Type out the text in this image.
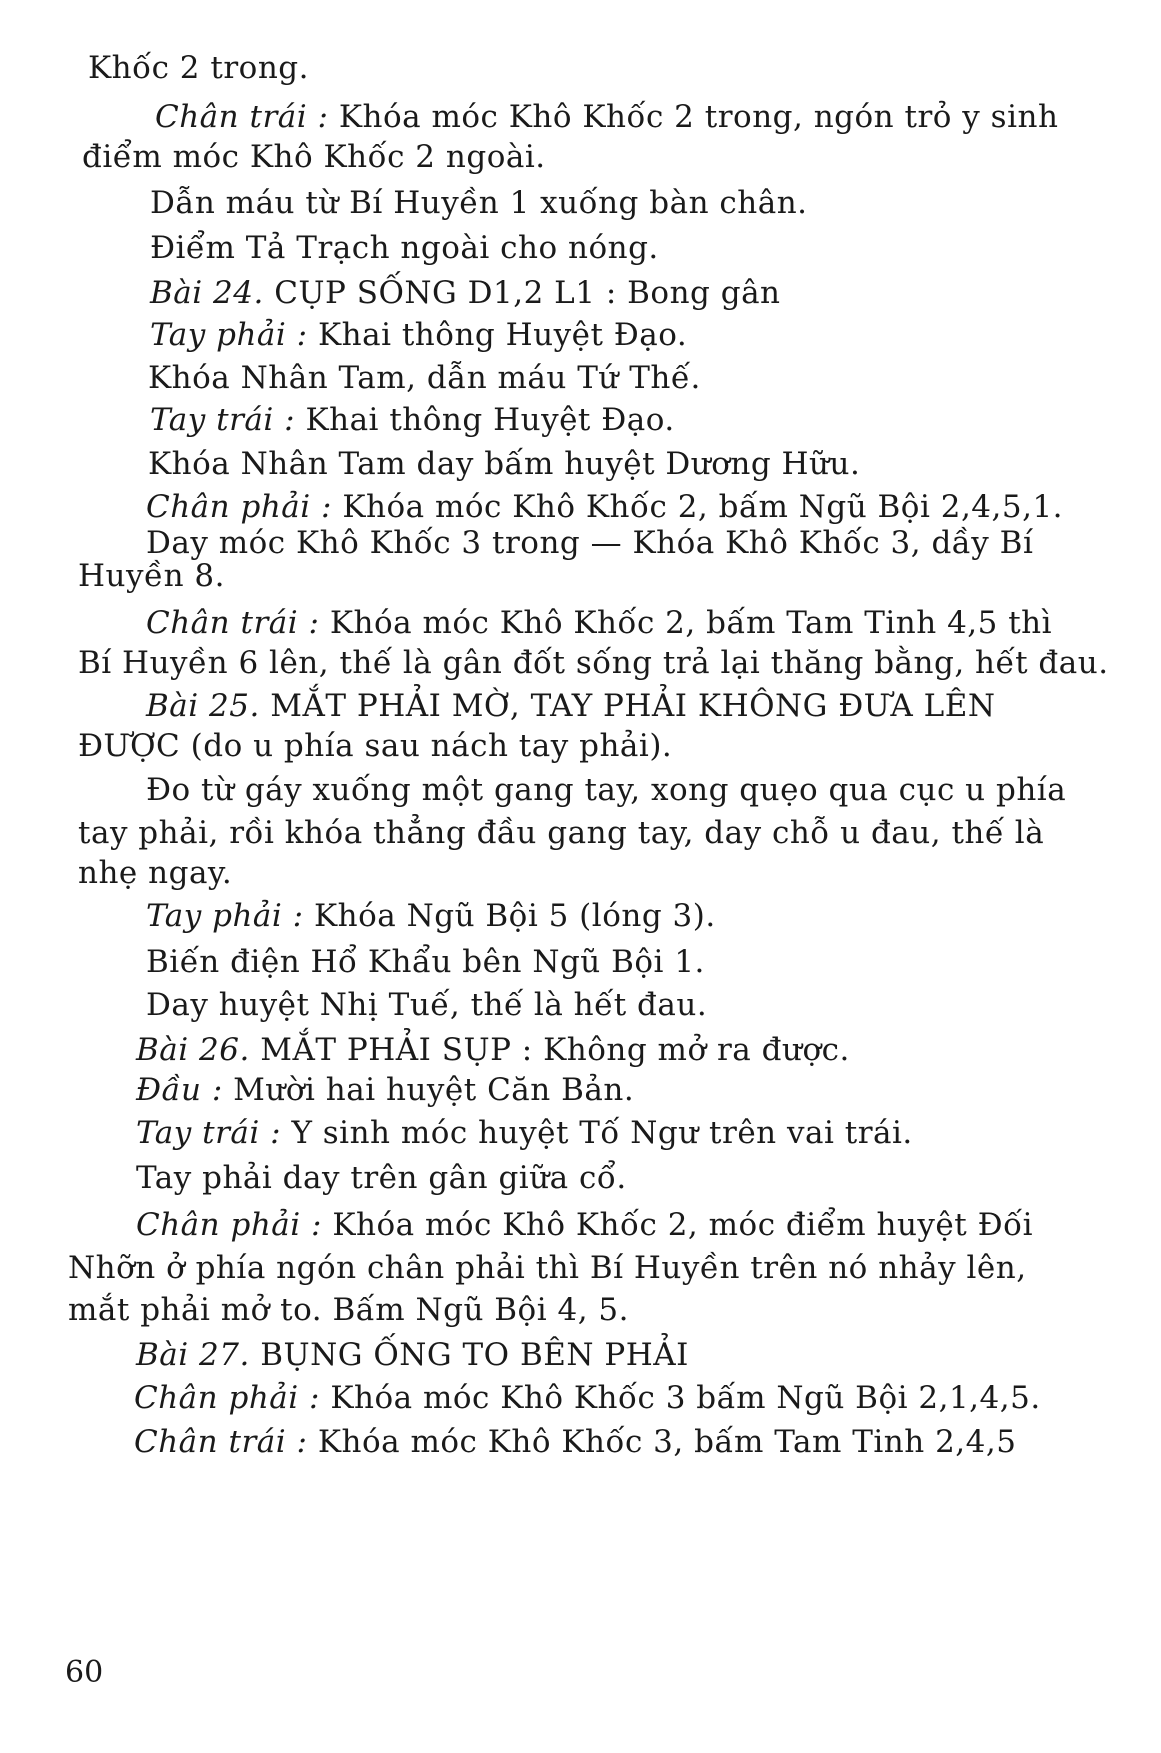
Khốc 2 trong.
Chân trái : Khóa móc Khô Khốc 2 trong, ngón trỏ y sinh
điểm móc Khô Khốc 2 ngoài.
Dẫn máu từ Bí Huyền 1 xuống bàn chân.
Điểm Tả Trạch ngoài cho nóng.
Bài 24. CỤP SỐNG D1,2 L1 : Bong gân
Tay phải : Khai thông Huyệt Đạo.
Khóa Nhân Tam, dẫn máu Tứ Thế.
Tay trái : Khai thông Huyệt Đạo.
Khóa Nhân Tam day bấm huyệt Dương Hữu.
Chân phải : Khóa móc Khô Khốc 2, bấm Ngũ Bội 2,4,5,1.
Day móc Khô Khốc 3 trong — Khóa Khô Khốc 3, dầy Bí
Huyền 8.
Chân trái : Khóa móc Khô Khốc 2, bấm Tam Tinh 4,5 thì
Bí Huyền 6 lên, thế là gân đốt sống trả lại thăng bằng, hết đau.
Bài 25. MẮT PHẢI MỜ, TAY PHẢI KHÔNG ĐƯA LÊN
ĐƯỢC (do u phía sau nách tay phải).
Đo từ gáy xuống một gang tay, xong quẹo qua cục u phía
tay phải, rồi khóa thẳng đầu gang tay, day chỗ u đau, thế là
nhẹ ngay.
Tay phải : Khóa Ngũ Bội 5 (lóng 3).
Biến điện Hổ Khẩu bên Ngũ Bội 1.
Day huyệt Nhị Tuế, thế là hết đau.
Bài 26. MẮT PHẢI SỤP : Không mở ra được.
Đầu : Mười hai huyệt Căn Bản.
Tay trái : Y sinh móc huyệt Tố Ngư trên vai trái.
Tay phải day trên gân giữa cổ.
Chân phải : Khóa móc Khô Khốc 2, móc điểm huyệt Đối
Nhỡn ở phía ngón chân phải thì Bí Huyền trên nó nhảy lên,
mắt phải mở to. Bấm Ngũ Bội 4, 5.
Bài 27. BỤNG ỐNG TO BÊN PHẢI
Chân phải : Khóa móc Khô Khốc 3 bấm Ngũ Bội 2,1,4,5.
Chân trái : Khóa móc Khô Khốc 3, bấm Tam Tinh 2,4,5
60
